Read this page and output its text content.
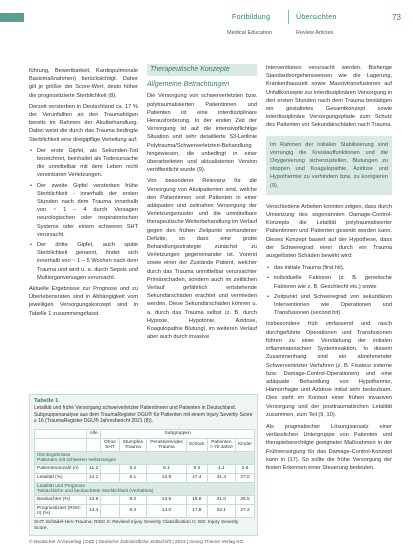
Fortbildung	Übersichten	73
Medical Education	Review Articles

führung, Bewertbarkeit, Kardiopulmonale Basismaßnahmen) berücksichtigt. Daher gilt je größer der Score-Wert, desto höher die prognostizierte Sterblichkeit (8).

Derzeit versterben in Deutschland ca. 17 % der Verunfallten an den Traumafolgen bereits im Rahmen der Akutbehandlung. Dabei weist die durch das Trauma bedingte Sterblichkeit eine dreigipflige Verteilung auf:

• Der erste Gipfel, als Sekunden-Tod bezeichnet, beinhaltet als Todesursache die unmittelbar mit dem Leben nicht vereinbaren Verletzungen.
• Der zweite Gipfel versterben frühe Sterblichkeit - innerhalb der ersten Stunden nach dem Trauma innerhalb von ~ 1 – 4 durch Versagen neurologischen oder respiratorischen Systems oder einem schweren SHT verursacht.
• Der dritte Gipfel, auch späte Sterblichkeit genannt, findet sich innerhalb von ~ 1 – 5 Wochen nach dem Trauma und wird u. a. durch Sepsis und Multiorganversagen verursacht.

Aktuelle Ergebnisse zur Prognose und zu Überlebensraten sind in Abhängigkeit vom jeweiligen Versorgungskonzept sind in Tabelle 1 zusammengefasst.

Therapeutische Konzepte
Allgemeine Betrachtungen

Die Versorgung von schwerverletzten bzw. polytraumatisierten Patientinnen und Patienten ist eine interdisziplinäre Herausforderung. In der ersten Zeit der Versorgung ist auf die intensivpflichtige Situation und sehr detaillierte S3-Leitlinie Polytrauma/Schwerverletzten-Behandlung hingewiesen, die unbedingt in einer überarbeiteten und aktualisierten Version veröffentlicht wurde (9).

Von besonderer Relevanz für die Versorgung von Akutpatienten sind, welche den Patientinnen und Patienten in einer adäquaten und zeitnahen Versorgung der Verletzungsmuster und die unmittelbare therapeutische Weiterbehandlung im Verlauf gegen den frühen Zeitpunkt vorhandener Defizite, so dass eine grobe Behandlungsstrategie zunächst zu Verletzungen gegeneinander ist. Vorerst sowie einer der Zustände Patient, welcher durch das Trauma unmittelbar verursachter Primärschaden, sondern auch im zeitlichen Verlauf gefährlich entstehende Sekundärschäden erachtet und vermieden werden. Diese Sekundärschäden können u. a. durch das Trauma selbst (z. B. durch Hypoxie, Hypotonie, Azidose, Koagulopathie Blutung), im weiteren Verlauf aber auch durch invasive

Interventionen verursacht werden. Bisherige Standardvorgehensweisen wie die Lagerung, Krankenhauszeit sowie Massivtransfusionen auf Unfallkonzepte zur interdisziplinären Versorgung in den ersten Stunden nach dem Trauma bestätigen ein gestaltetes Gesamtkonzept sowie interdisziplinäre Versorgungspfade zum Schutz des Patienten vor Sekundärschäden nach Trauma.

Im Rahmen der initialen Stabilisierung sind vorrangig die Kreislauffunktionen und die Oxygenierung sicherzustellen, Blutungen zu stoppen und Koagulopathie, Azidose und Hypothermie zu verhindern bzw. zu korrigieren (9).

Verschiedene Arbeiten konnten zeigen, dass durch Umsetzung des sogenannten Damage-Control-Konzepts die Letalität polytraumatisierter Patientinnen und Patienten gesenkt werden kann. Dieses Konzept basiert auf der Hypothese, dass der Schweregrad einer durch ein Trauma ausgelösten Schäden bewirkt wird:

• das initiale Trauma (first hit),
• individuelle Faktoren (z. B. genetische Faktoren wie z. B. Geschlecht etc.) sowie
• Zeitpunkt und Schweregrad von sekundären Interventionen wie Operationen und Transfusionen (second hit).

Insbesondere früh umfassend und rasch durchgeführte Operationen und Transfusionen führen zu einer Verstärkung der initialen inflammatorischen Systemreaktion. In diesem Zusammenhang sind ein abnehmender Schwerverletzter Verfahren (z. B. Fixateur externe bzw. Damage-Control-Operationen) und eine adäquate Behandlung von Hypothermie, Hämorrhagie und Azidose initial sehr bedeutsam. Dies steht im Kontext einer frühen invasiven Versorgung und der posttraumatischen Letalität zusammen, zum Teil (9, 10).

Als pragmatischer Lösungsansatz einer verlässlichen Untergruppe von Patienten und therapieberechtigte geeigneter Maßnahmen in der Frühversorgung für das Damage-Control-Konzept kann in (17). So sollte die frühe Versorgung der festen Erkennen einer Steuerung bedeuten.

Tabelle 1
Letalität und frühe Versorgung schwerverletzter Patientinnen und Patienten in Deutschland. Subgruppenanalyse aus dem TraumaRegister DGU® für Patienten mit einem Injury Severity Score ≥ 16 (TraumaRegister DGU® Jahresbericht 2021 (8)).
	Alle	Subgruppen					
		Ohne SHT	Stumpfes Trauma	Penetrierendes Trauma	Schock	Patienten > 70 Jahre	Kinder
ISS-Ergebnisse
Patienten mit schweren Verletzungen							
Patientenanzahl (n)	11.2		5.4	8.1	9.3	4.1	2.6
Letalität (%)	14.1		9.1	13.8	17.4	31.4	27.0
Letalität und Prognose
Tatsächliche und beobachtete Sterblichkeit (Verhältnis)							
Beobachtet (%)	13.9		9.0	13.6	16.8	31.0	26.5
Prognostiziert (RISC II) (%)	14.4		9.3	14.0	17.8	32.1	27.2
SHT: Schädel-Hirn-Trauma; RISC II: Revised Injury Severity Classification II; ISS: Injury Severity Score.
© Deutscher Ärzteverlag | DZZ | Deutsche Zahnärztliche Zeitschrift | 2023 | Georg Thieme Verlag KG
